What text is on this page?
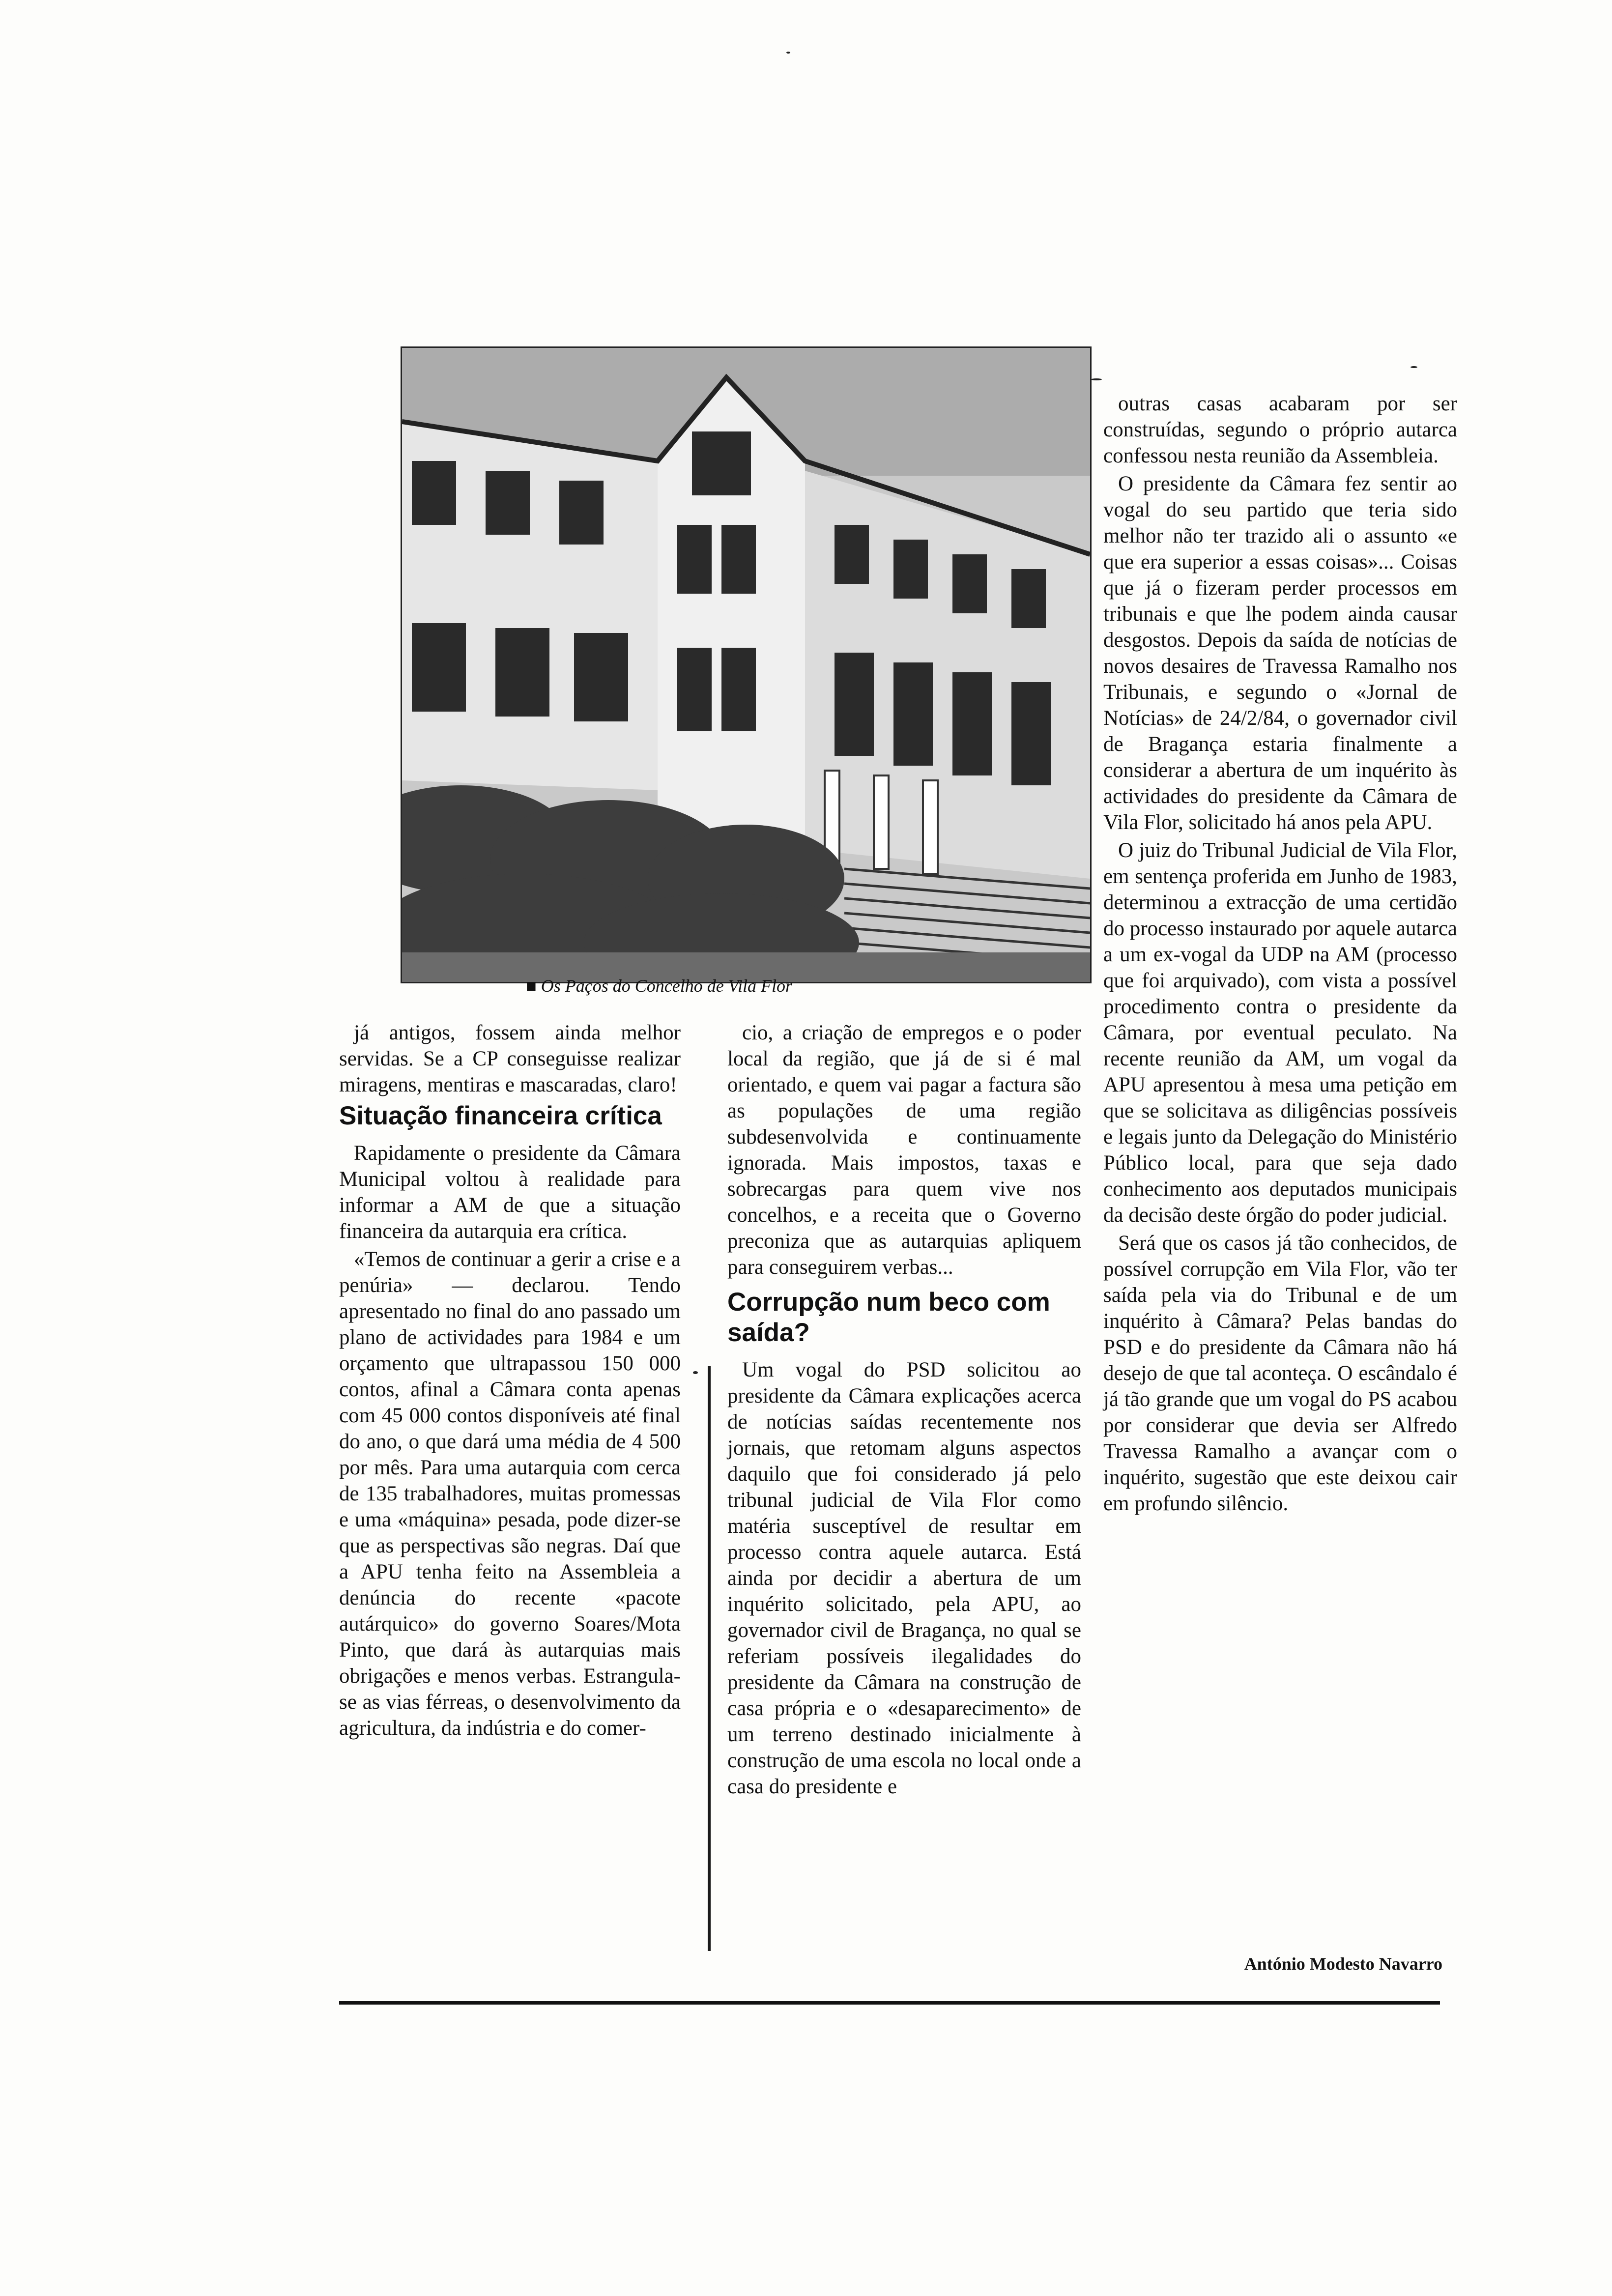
■ Os Paços do Concelho de Vila Flor

já antigos, fossem ainda melhor servidas. Se a CP conseguisse realizar miragens, mentiras e mascaradas, claro!

Situação financeira crítica

Rapidamente o presidente da Câmara Municipal voltou à realidade para informar a AM de que a situação financeira da autarquia era crítica.

«Temos de continuar a gerir a crise e a penúria» — declarou. Tendo apresentado no final do ano passado um plano de actividades para 1984 e um orçamento que ultrapassou 150 000 contos, afinal a Câmara conta apenas com 45 000 contos disponíveis até final do ano, o que dará uma média de 4 500 por mês. Para uma autarquia com cerca de 135 trabalhadores, muitas promessas e uma «máquina» pesada, pode dizer-se que as perspectivas são negras. Daí que a APU tenha feito na Assembleia a denúncia do recente «pacote autárquico» do governo Soares/Mota Pinto, que dará às autarquias mais obrigações e menos verbas. Estrangula-se as vias férreas, o desenvolvimento da agricultura, da indústria e do comer-

cio, a criação de empregos e o poder local da região, que já de si é mal orientado, e quem vai pagar a factura são as populações de uma região subdesenvolvida e continuamente ignorada. Mais impostos, taxas e sobrecargas para quem vive nos concelhos, e a receita que o Governo preconiza que as autarquias apliquem para conseguirem verbas...

Corrupção num beco com saída?

Um vogal do PSD solicitou ao presidente da Câmara explicações acerca de notícias saídas recentemente nos jornais, que retomam alguns aspectos daquilo que foi considerado já pelo tribunal judicial de Vila Flor como matéria susceptível de resultar em processo contra aquele autarca. Está ainda por decidir a abertura de um inquérito solicitado, pela APU, ao governador civil de Bragança, no qual se referiam possíveis ilegalidades do presidente da Câmara na construção de casa própria e o «desaparecimento» de um terreno destinado inicialmente à construção de uma escola no local onde a casa do presidente e

outras casas acabaram por ser construídas, segundo o próprio autarca confessou nesta reunião da Assembleia.

O presidente da Câmara fez sentir ao vogal do seu partido que teria sido melhor não ter trazido ali o assunto «e que era superior a essas coisas»... Coisas que já o fizeram perder processos em tribunais e que lhe podem ainda causar desgostos. Depois da saída de notícias de novos desaires de Travessa Ramalho nos Tribunais, e segundo o «Jornal de Notícias» de 24/2/84, o governador civil de Bragança estaria finalmente a considerar a abertura de um inquérito às actividades do presidente da Câmara de Vila Flor, solicitado há anos pela APU.

O juiz do Tribunal Judicial de Vila Flor, em sentença proferida em Junho de 1983, determinou a extracção de uma certidão do processo instaurado por aquele autarca a um ex-vogal da UDP na AM (processo que foi arquivado), com vista a possível procedimento contra o presidente da Câmara, por eventual peculato. Na recente reunião da AM, um vogal da APU apresentou à mesa uma petição em que se solicitava as diligências possíveis e legais junto da Delegação do Ministério Público local, para que seja dado conhecimento aos deputados municipais da decisão deste órgão do poder judicial.

Será que os casos já tão conhecidos, de possível corrupção em Vila Flor, vão ter saída pela via do Tribunal e de um inquérito à Câmara? Pelas bandas do PSD e do presidente da Câmara não há desejo de que tal aconteça. O escândalo é já tão grande que um vogal do PS acabou por considerar que devia ser Alfredo Travessa Ramalho a avançar com o inquérito, sugestão que este deixou cair em profundo silêncio.

António Modesto Navarro
